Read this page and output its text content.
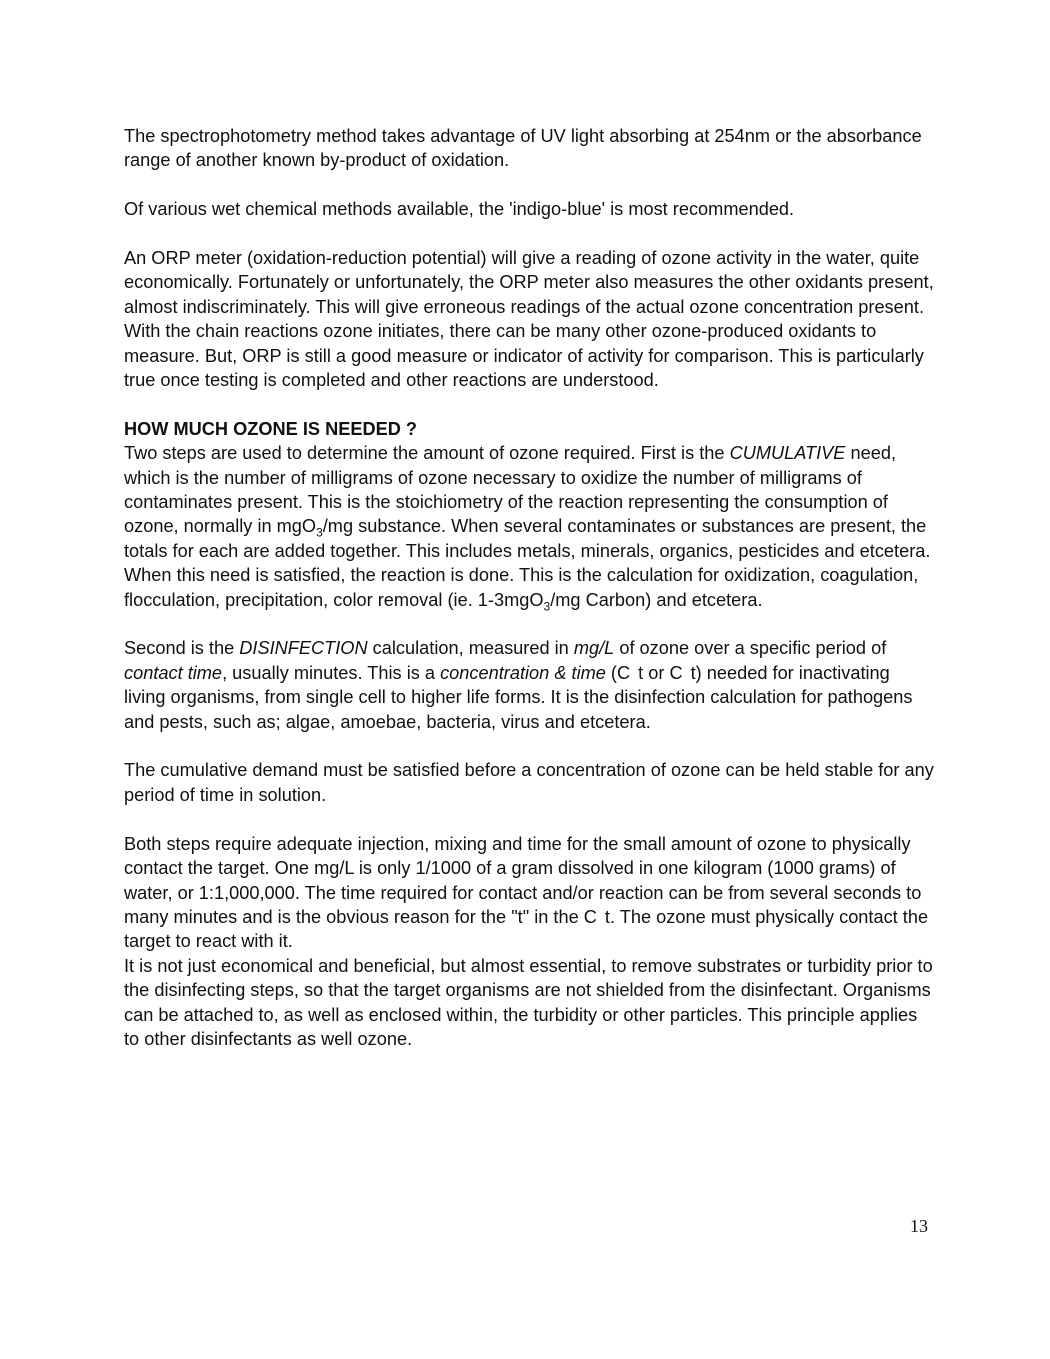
The spectrophotometry method takes advantage of UV light absorbing at 254nm or the absorbance range of another known by-product of oxidation.

Of various wet chemical methods available, the 'indigo-blue' is most recommended.

An ORP meter (oxidation-reduction potential) will give a reading of ozone activity in the water, quite economically. Fortunately or unfortunately, the ORP meter also measures the other oxidants present, almost indiscriminately. This will give erroneous readings of the actual ozone concentration present. With the chain reactions ozone initiates, there can be many other ozone-produced oxidants to measure. But, ORP is still a good measure or indicator of activity for comparison. This is particularly true once testing is completed and other reactions are understood.

HOW MUCH OZONE IS NEEDED ?

Two steps are used to determine the amount of ozone required. First is the CUMULATIVE need, which is the number of milligrams of ozone necessary to oxidize the number of milligrams of contaminates present. This is the stoichiometry of the reaction representing the consumption of ozone, normally in mgO$_3$/mg substance. When several contaminates or substances are present, the totals for each are added together. This includes metals, minerals, organics, pesticides and etcetera. When this need is satisfied, the reaction is done. This is the calculation for oxidization, coagulation, flocculation, precipitation, color removal (ie. 1-3mgO$_3$/mg Carbon) and etcetera.

Second is the DISINFECTION calculation, measured in mg/L of ozone over a specific period of contact time, usually minutes. This is a concentration & time (C t or C t) needed for inactivating living organisms, from single cell to higher life forms. It is the disinfection calculation for pathogens and pests, such as; algae, amoebae, bacteria, virus and etcetera.

The cumulative demand must be satisfied before a concentration of ozone can be held stable for any period of time in solution.

Both steps require adequate injection, mixing and time for the small amount of ozone to physically contact the target. One mg/L is only 1/1000 of a gram dissolved in one kilogram (1000 grams) of water, or 1:1,000,000. The time required for contact and/or reaction can be from several seconds to many minutes and is the obvious reason for the "t" in the C t. The ozone must physically contact the target to react with it.

It is not just economical and beneficial, but almost essential, to remove substrates or turbidity prior to the disinfecting steps, so that the target organisms are not shielded from the disinfectant. Organisms can be attached to, as well as enclosed within, the turbidity or other particles. This principle applies to other disinfectants as well ozone.

13
